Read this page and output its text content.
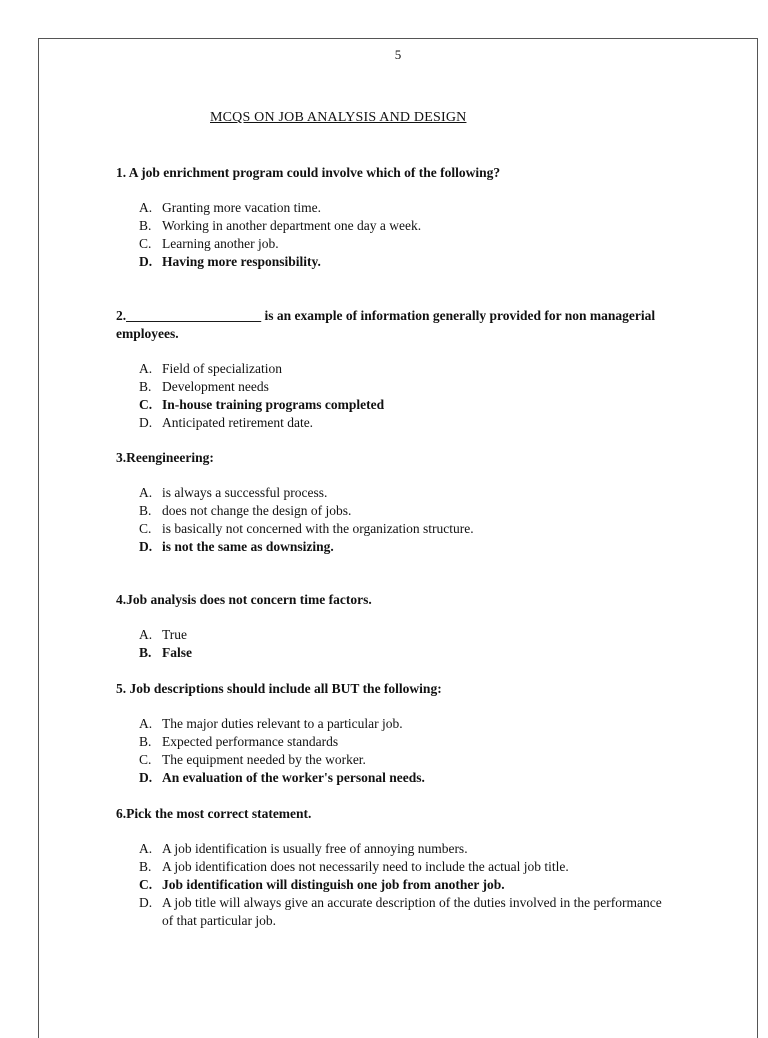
5
MCQS ON JOB ANALYSIS AND DESIGN

1. A job enrichment program could involve which of the following?

A. Granting more vacation time.
B. Working in another department one day a week.
C. Learning another job.
D. Having more responsibility.

2.____________________ is an example of information generally provided for non managerial employees.

A. Field of specialization
B. Development needs
C. In-house training programs completed
D. Anticipated retirement date.

3.Reengineering:

A. is always a successful process.
B. does not change the design of jobs.
C. is basically not concerned with the organization structure.
D. is not the same as downsizing.

4.Job analysis does not concern time factors.

A. True
B. False

5. Job descriptions should include all BUT the following:

A. The major duties relevant to a particular job.
B. Expected performance standards
C. The equipment needed by the worker.
D. An evaluation of the worker's personal needs.

6.Pick the most correct statement.

A. A job identification is usually free of annoying numbers.
B. A job identification does not necessarily need to include the actual job title.
C. Job identification will distinguish one job from another job.
D. A job title will always give an accurate description of the duties involved in the performance of that particular job.
